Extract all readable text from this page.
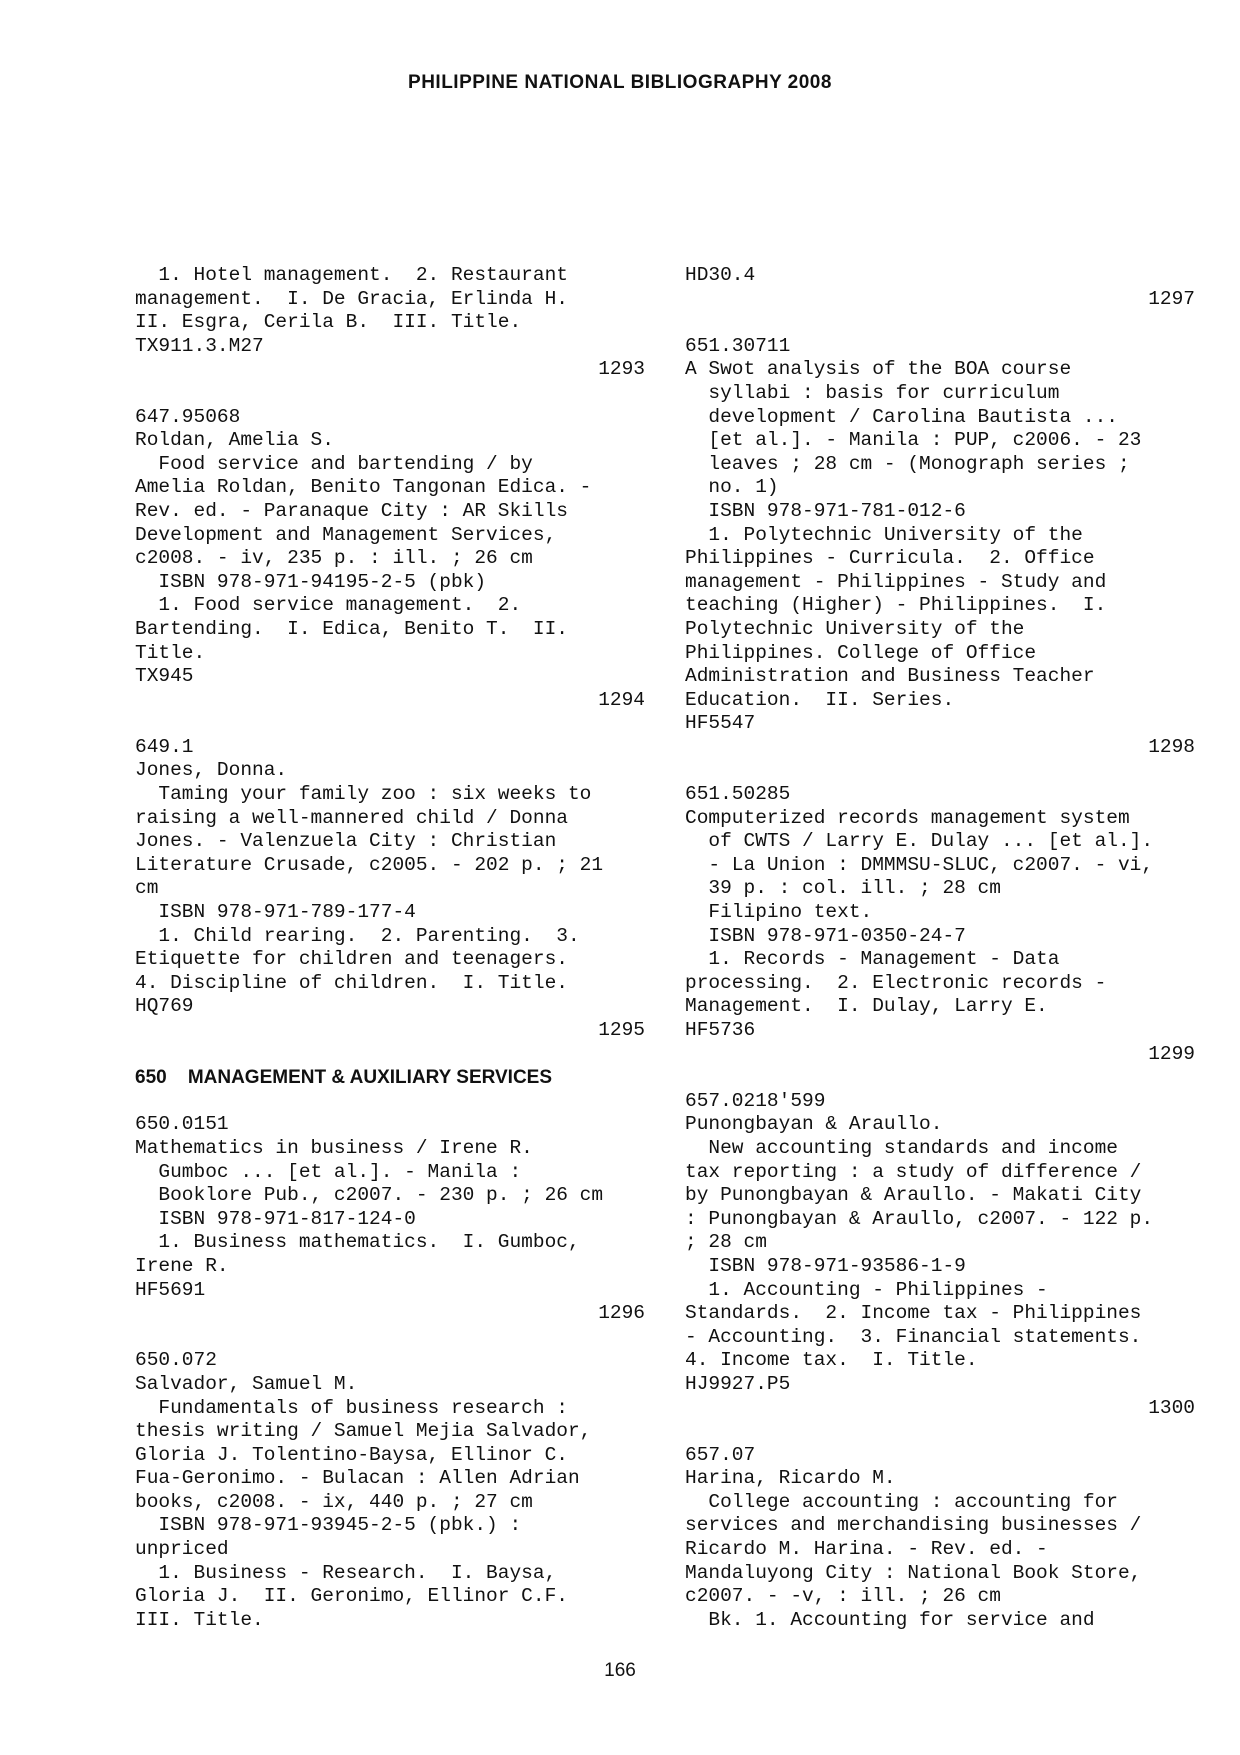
PHILIPPINE NATIONAL BIBLIOGRAPHY 2008
1. Hotel management.  2. Restaurant
management.  I. De Gracia, Erlinda H.
II. Esgra, Cerila B.  III. Title.
TX911.3.M27
1293
647.95068
Roldan, Amelia S.
Food service and bartending / by
Amelia Roldan, Benito Tangonan Edica. -
Rev. ed. - Paranaque City : AR Skills
Development and Management Services,
c2008. - iv, 235 p. : ill. ; 26 cm
ISBN 978-971-94195-2-5 (pbk)
1. Food service management.  2.
Bartending.  I. Edica, Benito T.  II.
Title.
TX945
1294
649.1
Jones, Donna.
Taming your family zoo : six weeks to
raising a well-mannered child / Donna
Jones. - Valenzuela City : Christian
Literature Crusade, c2005. - 202 p. ; 21
cm
ISBN 978-971-789-177-4
1. Child rearing.  2. Parenting.  3.
Etiquette for children and teenagers.
4. Discipline of children.  I. Title.
HQ769
1295
650    MANAGEMENT & AUXILIARY SERVICES
650.0151
Mathematics in business / Irene R.
Gumboc ... [et al.]. - Manila :
Booklore Pub., c2007. - 230 p. ; 26 cm
ISBN 978-971-817-124-0
1. Business mathematics.  I. Gumboc,
Irene R.
HF5691
1296
650.072
Salvador, Samuel M.
Fundamentals of business research :
thesis writing / Samuel Mejia Salvador,
Gloria J. Tolentino-Baysa, Ellinor C.
Fua-Geronimo. - Bulacan : Allen Adrian
books, c2008. - ix, 440 p. ; 27 cm
ISBN 978-971-93945-2-5 (pbk.) :
unpriced
1. Business - Research.  I. Baysa,
Gloria J.  II. Geronimo, Ellinor C.F.
III. Title.
HD30.4
1297
651.30711
A Swot analysis of the BOA course
syllabi : basis for curriculum
development / Carolina Bautista ...
[et al.]. - Manila : PUP, c2006. - 23
leaves ; 28 cm - (Monograph series ;
no. 1)
ISBN 978-971-781-012-6
1. Polytechnic University of the
Philippines - Curricula.  2. Office
management - Philippines - Study and
teaching (Higher) - Philippines.  I.
Polytechnic University of the
Philippines. College of Office
Administration and Business Teacher
Education.  II. Series.
HF5547
1298
651.50285
Computerized records management system
of CWTS / Larry E. Dulay ... [et al.].
- La Union : DMMMSU-SLUC, c2007. - vi,
39 p. : col. ill. ; 28 cm
Filipino text.
ISBN 978-971-0350-24-7
1. Records - Management - Data
processing.  2. Electronic records -
Management.  I. Dulay, Larry E.
HF5736
1299
657.0218'599
Punongbayan & Araullo.
New accounting standards and income
tax reporting : a study of difference /
by Punongbayan & Araullo. - Makati City
: Punongbayan & Araullo, c2007. - 122 p.
; 28 cm
ISBN 978-971-93586-1-9
1. Accounting - Philippines -
Standards.  2. Income tax - Philippines
- Accounting.  3. Financial statements.
4. Income tax.  I. Title.
HJ9927.P5
1300
657.07
Harina, Ricardo M.
College accounting : accounting for
services and merchandising businesses /
Ricardo M. Harina. - Rev. ed. -
Mandaluyong City : National Book Store,
c2007. - -v, : ill. ; 26 cm
Bk. 1. Accounting for service and
166
